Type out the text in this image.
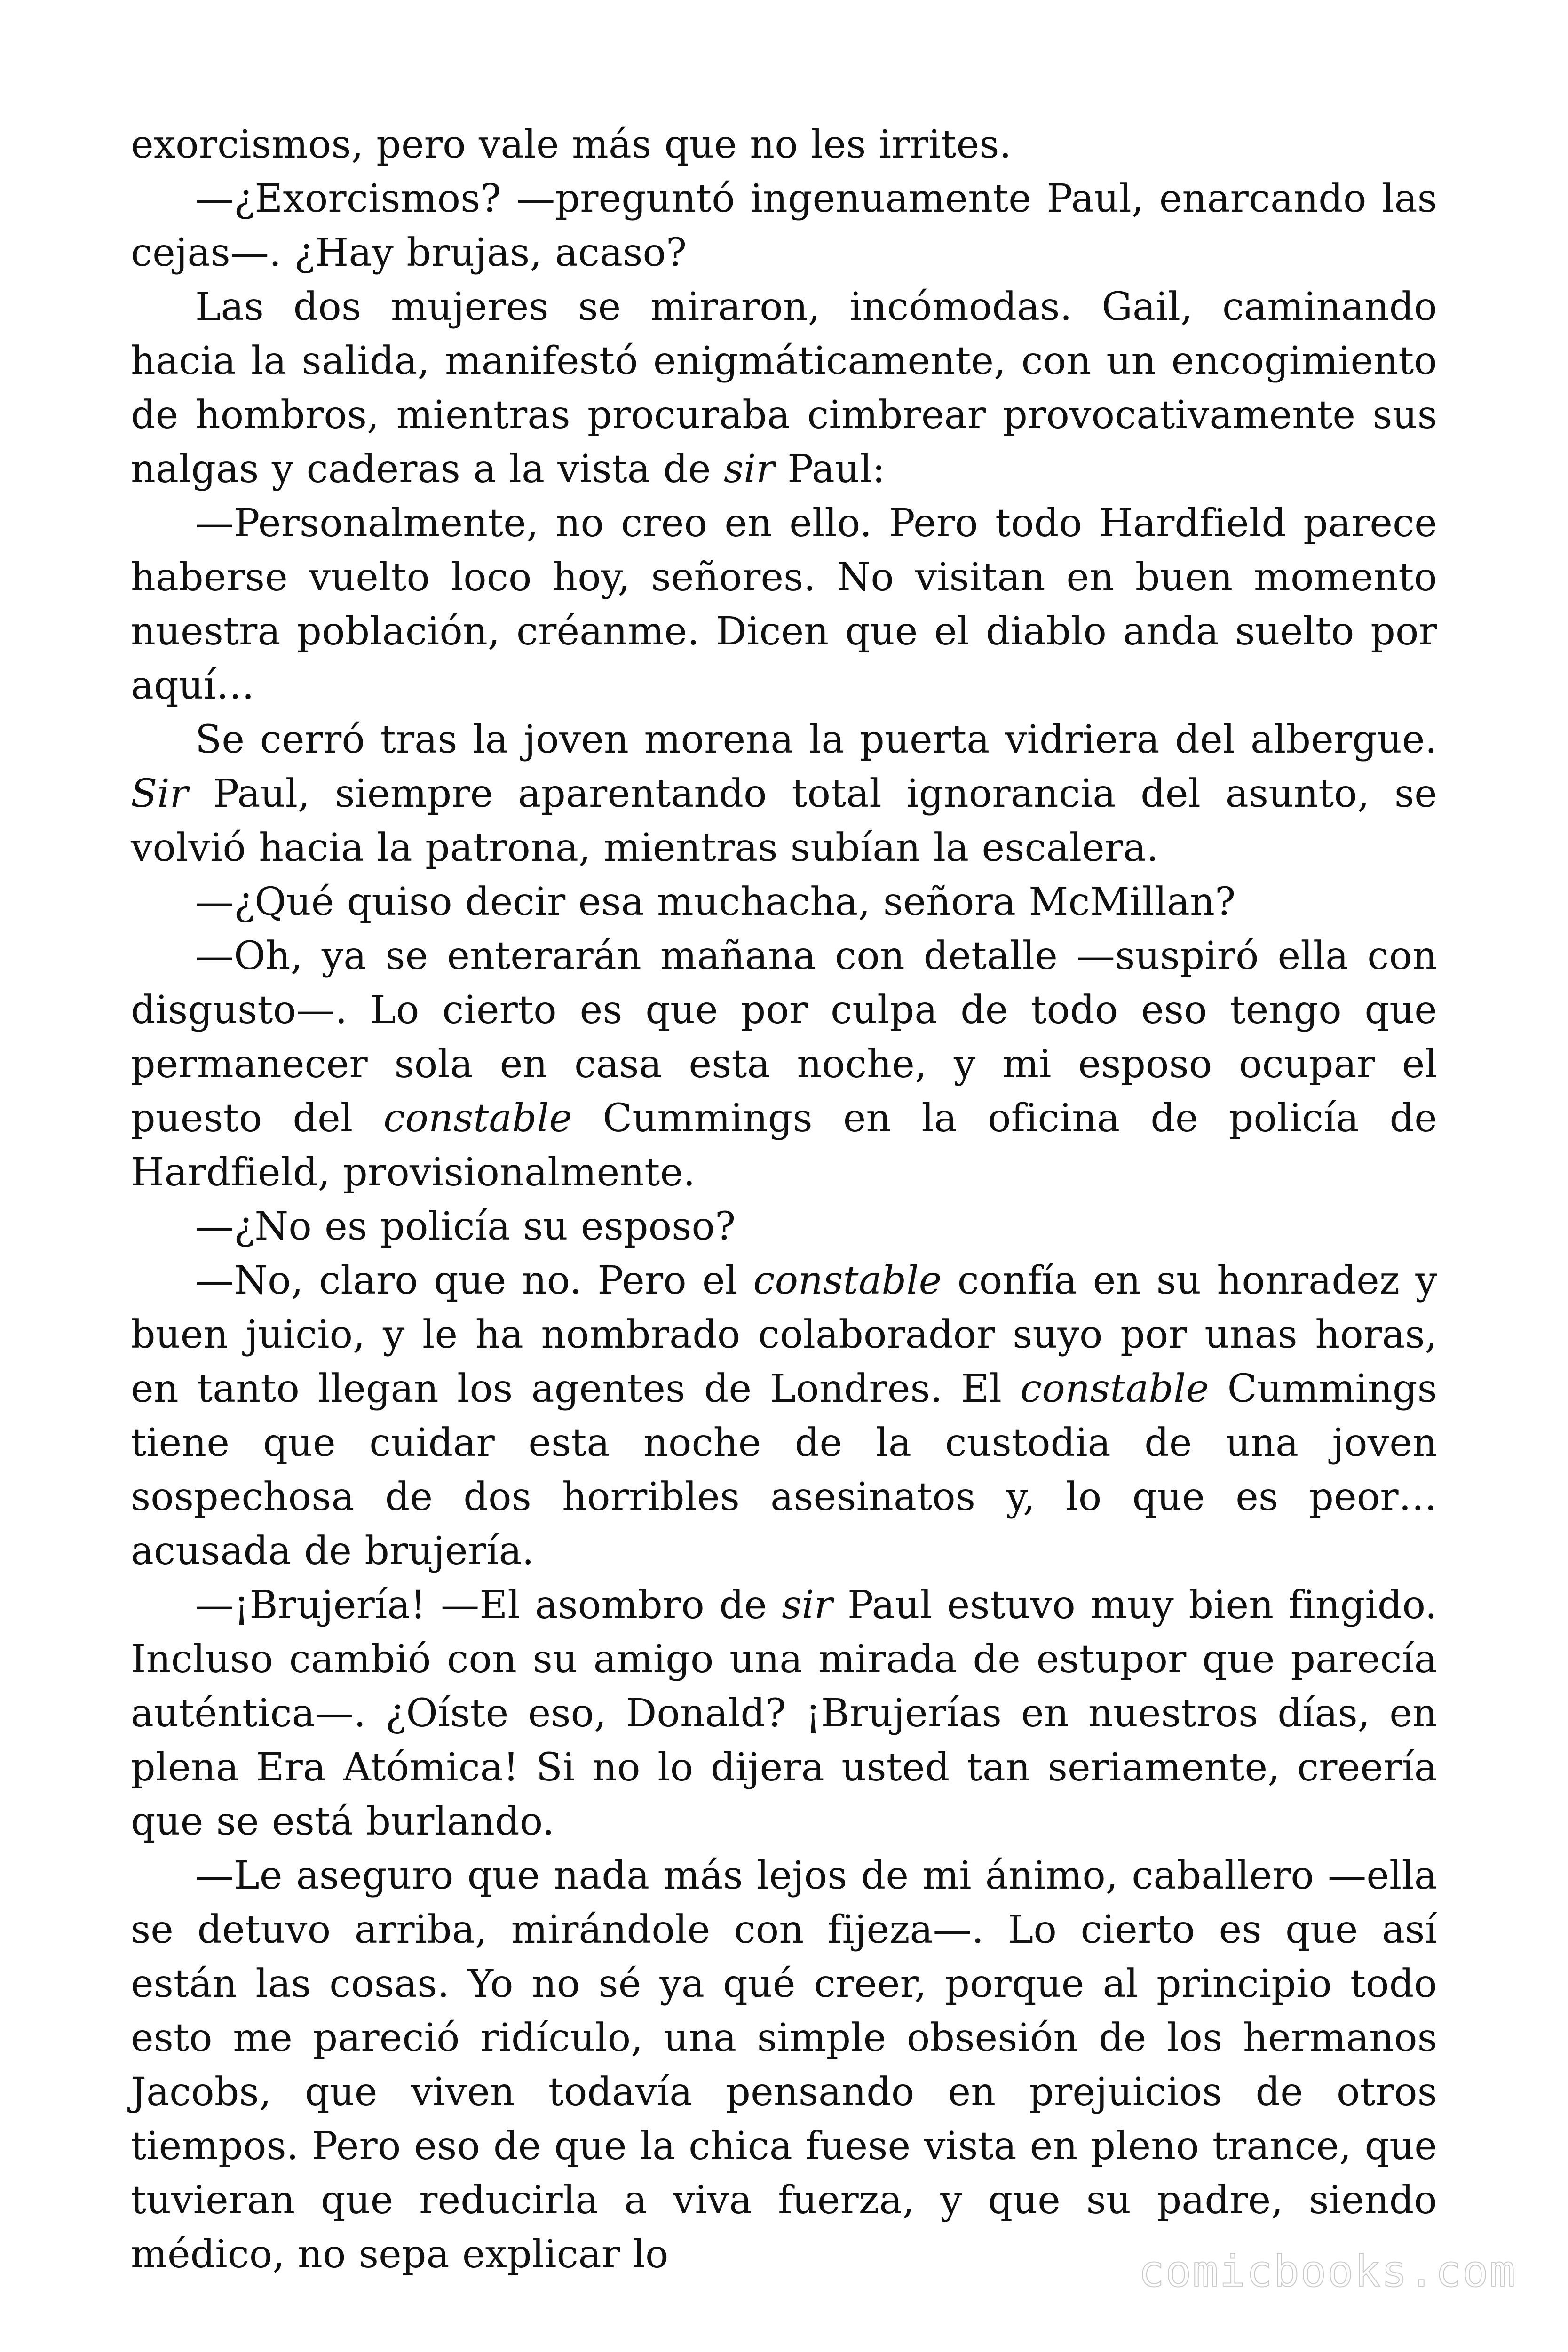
exorcismos, pero vale más que no les irrites.

—¿Exorcismos? —preguntó ingenuamente Paul, enarcando las cejas—. ¿Hay brujas, acaso?

Las dos mujeres se miraron, incómodas. Gail, caminando hacia la salida, manifestó enigmáticamente, con un encogimiento de hombros, mientras procuraba cimbrear provocativamente sus nalgas y caderas a la vista de sir Paul:

—Personalmente, no creo en ello. Pero todo Hardfield parece haberse vuelto loco hoy, señores. No visitan en buen momento nuestra población, créanme. Dicen que el diablo anda suelto por aquí…

Se cerró tras la joven morena la puerta vidriera del albergue. Sir Paul, siempre aparentando total ignorancia del asunto, se volvió hacia la patrona, mientras subían la escalera.

—¿Qué quiso decir esa muchacha, señora McMillan?

—Oh, ya se enterarán mañana con detalle —suspiró ella con disgusto—. Lo cierto es que por culpa de todo eso tengo que permanecer sola en casa esta noche, y mi esposo ocupar el puesto del constable Cummings en la oficina de policía de Hardfield, provisionalmente.

—¿No es policía su esposo?

—No, claro que no. Pero el constable confía en su honradez y buen juicio, y le ha nombrado colaborador suyo por unas horas, en tanto llegan los agentes de Londres. El constable Cummings tiene que cuidar esta noche de la custodia de una joven sospechosa de dos horribles asesinatos y, lo que es peor… acusada de brujería.

—¡Brujería! —El asombro de sir Paul estuvo muy bien fingido. Incluso cambió con su amigo una mirada de estupor que parecía auténtica—. ¿Oíste eso, Donald? ¡Brujerías en nuestros días, en plena Era Atómica! Si no lo dijera usted tan seriamente, creería que se está burlando.

—Le aseguro que nada más lejos de mi ánimo, caballero —ella se detuvo arriba, mirándole con fijeza—. Lo cierto es que así están las cosas. Yo no sé ya qué creer, porque al principio todo esto me pareció ridículo, una simple obsesión de los hermanos Jacobs, que viven todavía pensando en prejuicios de otros tiempos. Pero eso de que la chica fuese vista en pleno trance, que tuvieran que reducirla a viva fuerza, y que su padre, siendo médico, no sepa explicar lo	comicbooks.com
